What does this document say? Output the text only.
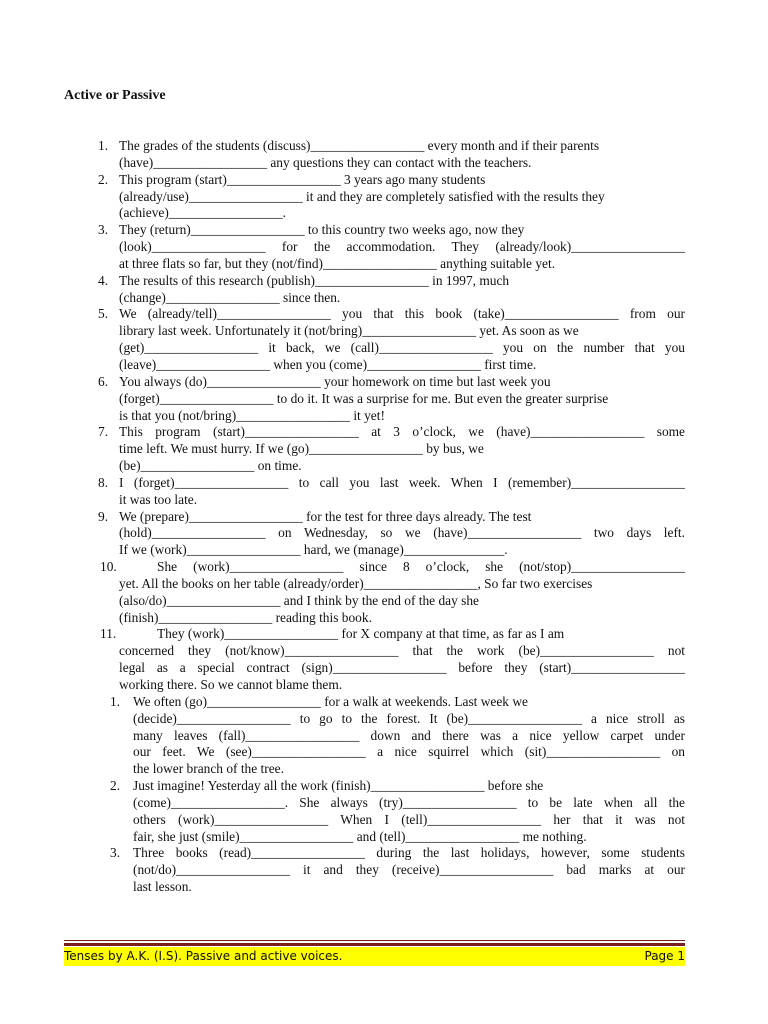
Active or Passive
1. The grades of the students (discuss)_________________ every month and if their parents
(have)_________________ any questions they can contact with the teachers.
2. This program (start)_________________ 3 years ago many students
(already/use)_________________ it and they are completely satisfied with the results they
(achieve)_________________.
3. They (return)_________________ to this country two weeks ago, now they
(look)_________________ for the accommodation. They (already/look)_________________
at three flats so far, but they (not/find)_________________ anything suitable yet.
4. The results of this research (publish)_________________ in 1997, much
(change)_________________ since then.
5. We (already/tell)_________________ you that this book (take)_________________ from our
library last week. Unfortunately it (not/bring)_________________ yet. As soon as we
(get)_________________ it back, we (call)_________________ you on the number that you
(leave)_________________ when you (come)_________________ first time.
6. You always (do)_________________ your homework on time but last week you
(forget)_________________ to do it. It was a surprise for me. But even the greater surprise
is that you (not/bring)_________________ it yet!
7. This program (start)_________________ at 3 o’clock, we (have)_________________ some
time left. We must hurry. If we (go)_________________ by bus, we
(be)_________________ on time.
8. I (forget)_________________ to call you last week. When I (remember)_________________
it was too late.
9. We (prepare)_________________ for the test for three days already. The test
(hold)_________________ on Wednesday, so we (have)_________________ two days left.
If we (work)_________________ hard, we (manage)_______________.
10.	She (work)_________________ since 8 o’clock, she (not/stop)_________________
yet. All the books on her table (already/order)_________________, So far two exercises
(also/do)_________________ and I think by the end of the day she
(finish)_________________ reading this book.
11.	They (work)_________________ for X company at that time, as far as I am
concerned they (not/know)_________________ that the work (be)_________________ not
legal as a special contract (sign)_________________ before they (start)_________________
working there. So we cannot blame them.
1. We often (go)_________________ for a walk at weekends. Last week we
(decide)_________________ to go to the forest. It (be)_________________ a nice stroll as
many leaves (fall)_________________ down and there was a nice yellow carpet under
our feet. We (see)_________________ a nice squirrel which (sit)_________________ on
the lower branch of the tree.
2. Just imagine! Yesterday all the work (finish)_________________ before she
(come)_________________. She always (try)_________________ to be late when all the
others (work)_________________ When I (tell)_________________ her that it was not
fair, she just (smile)_________________ and (tell)_________________ me nothing.
3. Three books (read)_________________ during the last holidays, however, some students
(not/do)_________________ it and they (receive)_________________ bad marks at our
last lesson.
Tenses by A.K. (I.S). Passive and active voices.	Page 1
